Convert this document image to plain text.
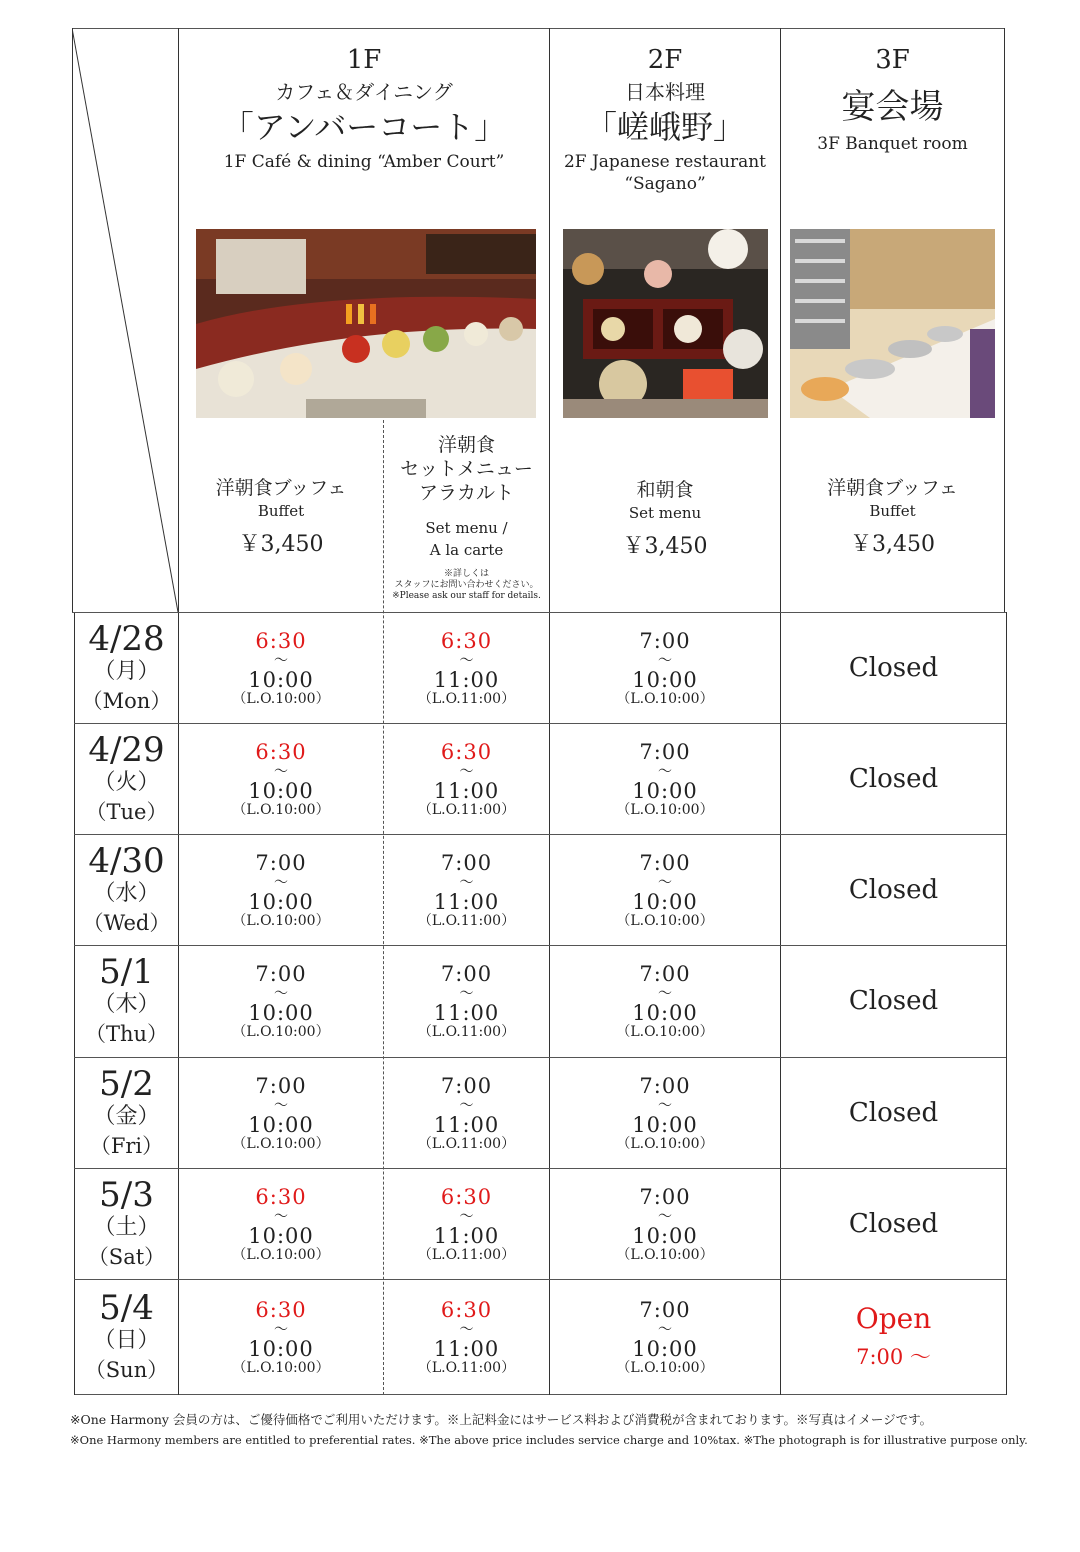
1F
カフェ＆ダイニング
「アンバーコート」
1F Café & dining “Amber Court”
2F
日本料理
「嵯峨野」
2F Japanese restaurant
“Sagano”
3F
宴会場
3F Banquet room
洋朝食ブッフェ
Buffet
￥3,450
洋朝食
セットメニュー
アラカルト
Set menu /
A la carte
※詳しくは
スタッフにお問い合わせください。
※Please ask our staff for details.
和朝食
Set menu
￥3,450
洋朝食ブッフェ
Buffet
￥3,450
4/28
（月）
（Mon）
6:30
〜
10:00
（L.O.10:00）
6:30
〜
11:00
（L.O.11:00）
7:00
〜
10:00
（L.O.10:00）
Closed
4/29
（火）
（Tue）
6:30
〜
10:00
（L.O.10:00）
6:30
〜
11:00
（L.O.11:00）
7:00
〜
10:00
（L.O.10:00）
Closed
4/30
（水）
（Wed）
7:00
〜
10:00
（L.O.10:00）
7:00
〜
11:00
（L.O.11:00）
7:00
〜
10:00
（L.O.10:00）
Closed
5/1
（木）
（Thu）
7:00
〜
10:00
（L.O.10:00）
7:00
〜
11:00
（L.O.11:00）
7:00
〜
10:00
（L.O.10:00）
Closed
5/2
（金）
（Fri）
7:00
〜
10:00
（L.O.10:00）
7:00
〜
11:00
（L.O.11:00）
7:00
〜
10:00
（L.O.10:00）
Closed
5/3
（土）
（Sat）
6:30
〜
10:00
（L.O.10:00）
6:30
〜
11:00
（L.O.11:00）
7:00
〜
10:00
（L.O.10:00）
Closed
5/4
（日）
（Sun）
6:30
〜
10:00
（L.O.10:00）
6:30
〜
11:00
（L.O.11:00）
7:00
〜
10:00
（L.O.10:00）
Open
7:00 〜
※One Harmony 会員の方は、ご優待価格でご利用いただけます。※上記料金にはサービス料および消費税が含まれております。※写真はイメージです。
※One Harmony members are entitled to preferential rates. ※The above price includes service charge and 10%tax. ※The photograph is for illustrative purpose only.
